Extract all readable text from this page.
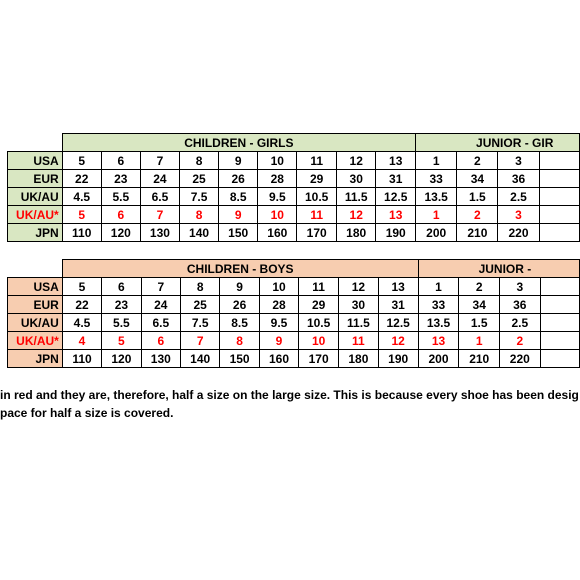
	CHILDREN - GIRLS									JUNIOR - GIR			
USA	5	6	7	8	9	10	11	12	13	1	2	3	
EUR	22	23	24	25	26	28	29	30	31	33	34	36	
UK/AU	4.5	5.5	6.5	7.5	8.5	9.5	10.5	11.5	12.5	13.5	1.5	2.5	
UK/AU*	5	6	7	8	9	10	11	12	13	1	2	3	
JPN	110	120	130	140	150	160	170	180	190	200	210	220	
	CHILDREN - BOYS									JUNIOR -			
USA	5	6	7	8	9	10	11	12	13	1	2	3	
EUR	22	23	24	25	26	28	29	30	31	33	34	36	
UK/AU	4.5	5.5	6.5	7.5	8.5	9.5	10.5	11.5	12.5	13.5	1.5	2.5	
UK/AU*	4	5	6	7	8	9	10	11	12	13	1	2	
JPN	110	120	130	140	150	160	170	180	190	200	210	220	
in red and they are, therefore, half a size on the large size. This is because every shoe has been desig
pace for half a size is covered.
